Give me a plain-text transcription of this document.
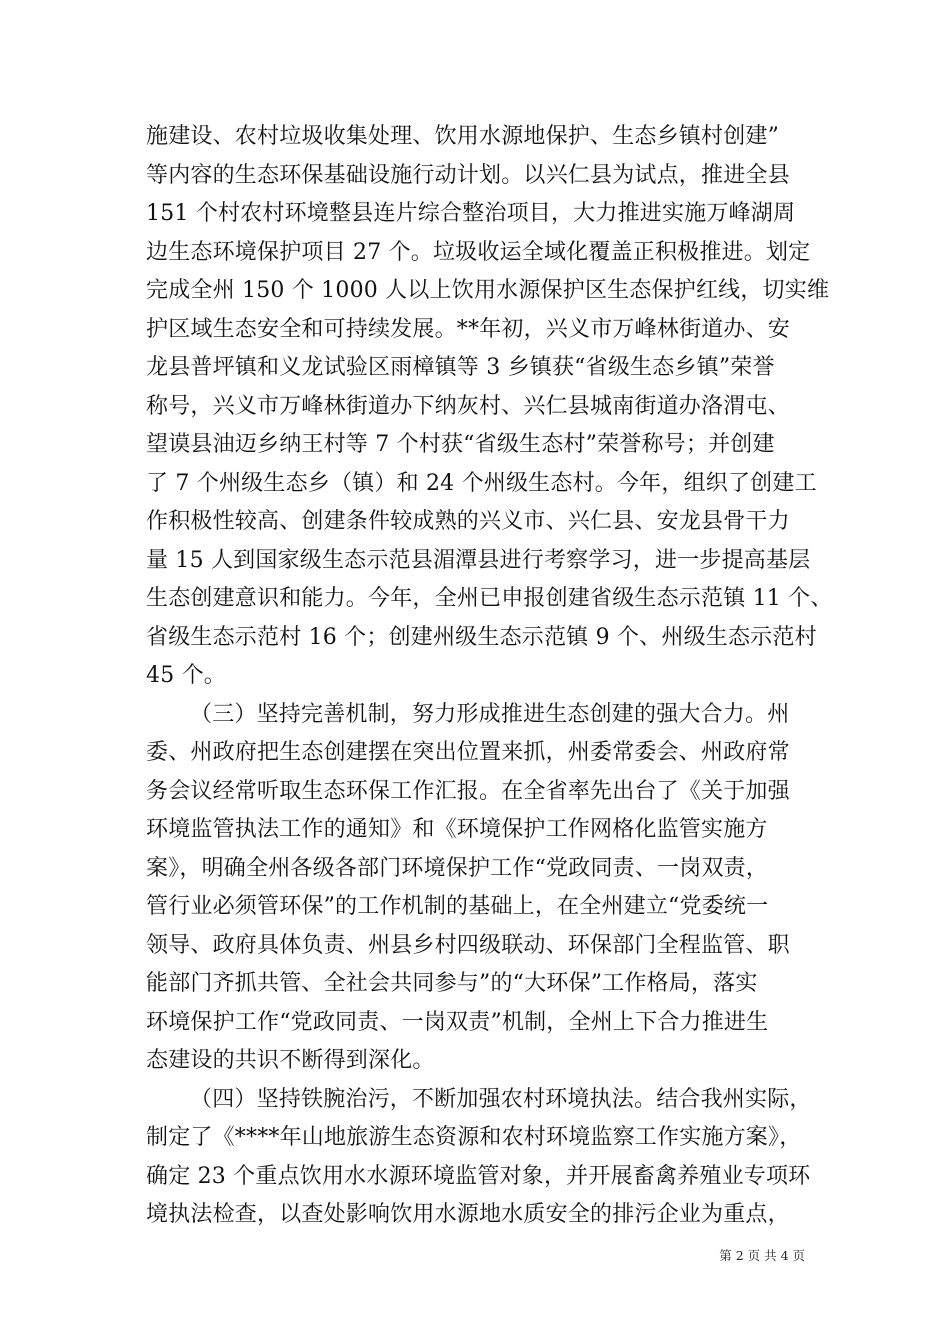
施建设、农村垃圾收集处理、饮用水源地保护、生态乡镇村创建”
等内容的生态环保基础设施行动计划。以兴仁县为试点，推进全县
151 个村农村环境整县连片综合整治项目，大力推进实施万峰湖周
边生态环境保护项目 27 个。垃圾收运全域化覆盖正积极推进。划定
完成全州 150 个 1000 人以上饮用水源保护区生态保护红线，切实维
护区域生态安全和可持续发展。**年初，兴义市万峰林街道办、安
龙县普坪镇和义龙试验区雨樟镇等 3 乡镇获“省级生态乡镇”荣誉
称号，兴义市万峰林街道办下纳灰村、兴仁县城南街道办洛渭屯、
望谟县油迈乡纳王村等 7 个村获“省级生态村”荣誉称号；并创建
了 7 个州级生态乡（镇）和 24 个州级生态村。今年，组织了创建工
作积极性较高、创建条件较成熟的兴义市、兴仁县、安龙县骨干力
量 15 人到国家级生态示范县湄潭县进行考察学习，进一步提高基层
生态创建意识和能力。今年，全州已申报创建省级生态示范镇 11 个、
省级生态示范村 16 个；创建州级生态示范镇 9 个、州级生态示范村
45 个。
（三）坚持完善机制，努力形成推进生态创建的强大合力。州
委、州政府把生态创建摆在突出位置来抓，州委常委会、州政府常
务会议经常听取生态环保工作汇报。在全省率先出台了《关于加强
环境监管执法工作的通知》和《环境保护工作网格化监管实施方
案》，明确全州各级各部门环境保护工作“党政同责、一岗双责，
管行业必须管环保”的工作机制的基础上，在全州建立“党委统一
领导、政府具体负责、州县乡村四级联动、环保部门全程监管、职
能部门齐抓共管、全社会共同参与”的“大环保”工作格局，落实
环境保护工作“党政同责、一岗双责”机制，全州上下合力推进生
态建设的共识不断得到深化。
（四）坚持铁腕治污，不断加强农村环境执法。结合我州实际，
制定了《****年山地旅游生态资源和农村环境监察工作实施方案》，
确定 23 个重点饮用水水源环境监管对象，并开展畜禽养殖业专项环
境执法检查，以查处影响饮用水源地水质安全的排污企业为重点，
第 2 页 共 4 页
